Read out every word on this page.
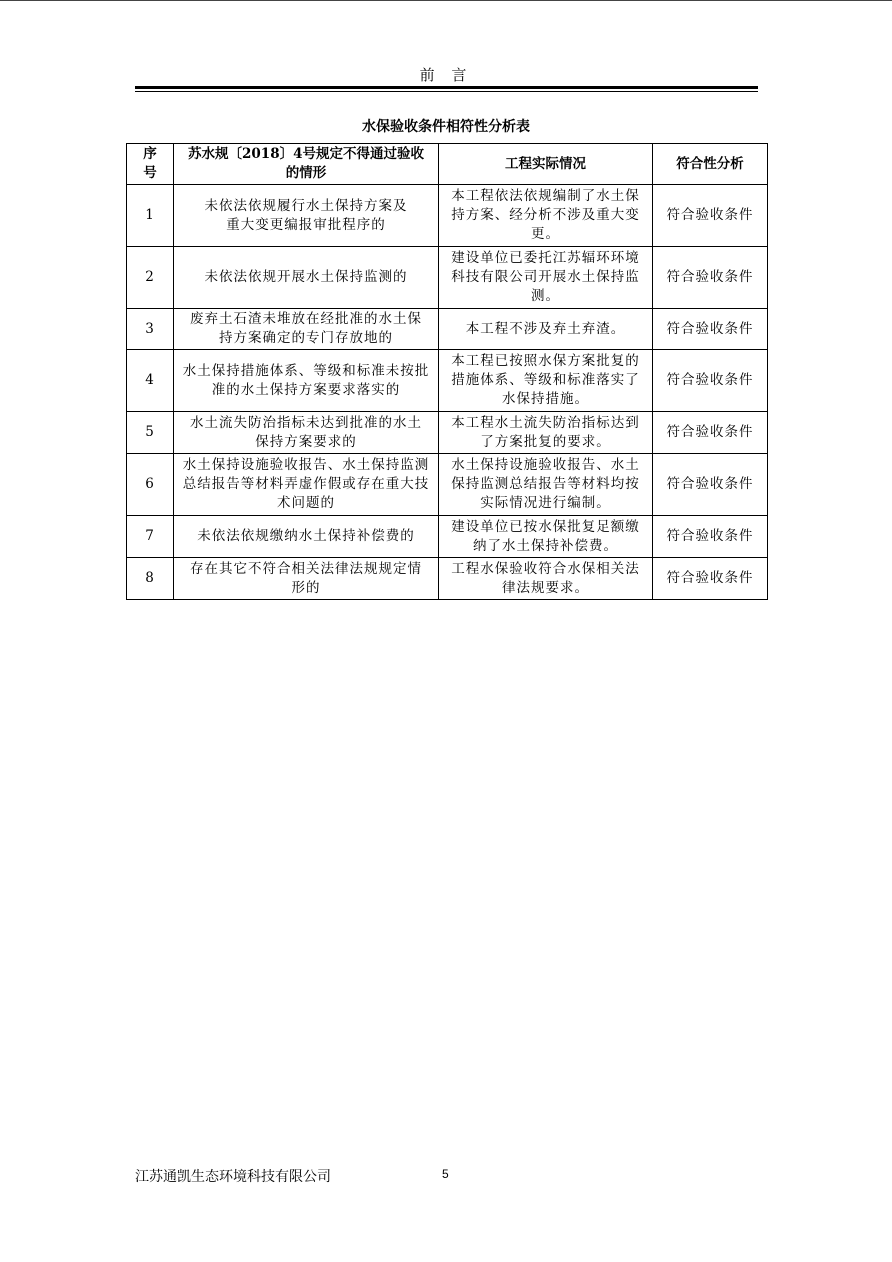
前 言
水保验收条件相符性分析表
序号	苏水规〔2018〕4号规定不得通过验收的情形	工程实际情况	符合性分析
1	未依法依规履行水土保持方案及重大变更编报审批程序的	本工程依法依规编制了水土保持方案、经分析不涉及重大变更。	符合验收条件
2	未依法依规开展水土保持监测的	建设单位已委托江苏辐环环境科技有限公司开展水土保持监测。	符合验收条件
3	废弃土石渣未堆放在经批准的水土保持方案确定的专门存放地的	本工程不涉及弃土弃渣。	符合验收条件
4	水土保持措施体系、等级和标准未按批准的水土保持方案要求落实的	本工程已按照水保方案批复的措施体系、等级和标准落实了水保持措施。	符合验收条件
5	水土流失防治指标未达到批准的水土保持方案要求的	本工程水土流失防治指标达到了方案批复的要求。	符合验收条件
6	水土保持设施验收报告、水土保持监测总结报告等材料弄虚作假或存在重大技术问题的	水土保持设施验收报告、水土保持监测总结报告等材料均按实际情况进行编制。	符合验收条件
7	未依法依规缴纳水土保持补偿费的	建设单位已按水保批复足额缴纳了水土保持补偿费。	符合验收条件
8	存在其它不符合相关法律法规规定情形的	工程水保验收符合水保相关法律法规要求。	符合验收条件
江苏通凯生态环境科技有限公司	5
